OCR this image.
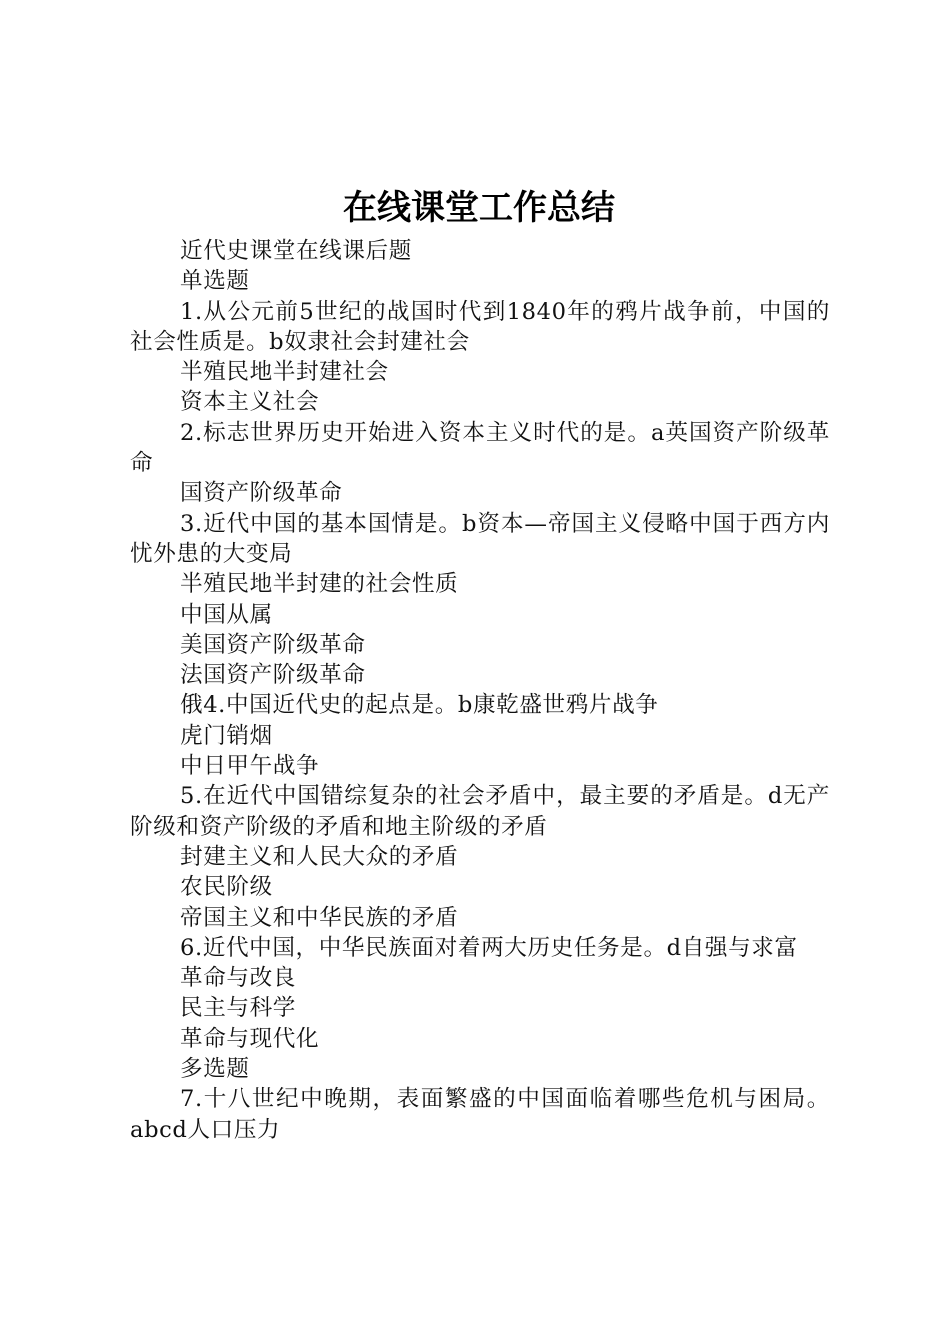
在线课堂工作总结

近代史课堂在线课后题

单选题

1.从公元前5世纪的战国时代到1840年的鸦片战争前，中国的社会性质是。b奴隶社会封建社会

半殖民地半封建社会

资本主义社会

2.标志世界历史开始进入资本主义时代的是。a英国资产阶级革命

国资产阶级革命

3.近代中国的基本国情是。b资本—帝国主义侵略中国于西方内忧外患的大变局

半殖民地半封建的社会性质

中国从属

美国资产阶级革命

法国资产阶级革命

俄4.中国近代史的起点是。b康乾盛世鸦片战争

虎门销烟

中日甲午战争

5.在近代中国错综复杂的社会矛盾中，最主要的矛盾是。d无产阶级和资产阶级的矛盾和地主阶级的矛盾

封建主义和人民大众的矛盾

农民阶级

帝国主义和中华民族的矛盾

6.近代中国，中华民族面对着两大历史任务是。d自强与求富

革命与改良

民主与科学

革命与现代化

多选题

7.十八世纪中晚期，表面繁盛的中国面临着哪些危机与困局。abcd人口压力
